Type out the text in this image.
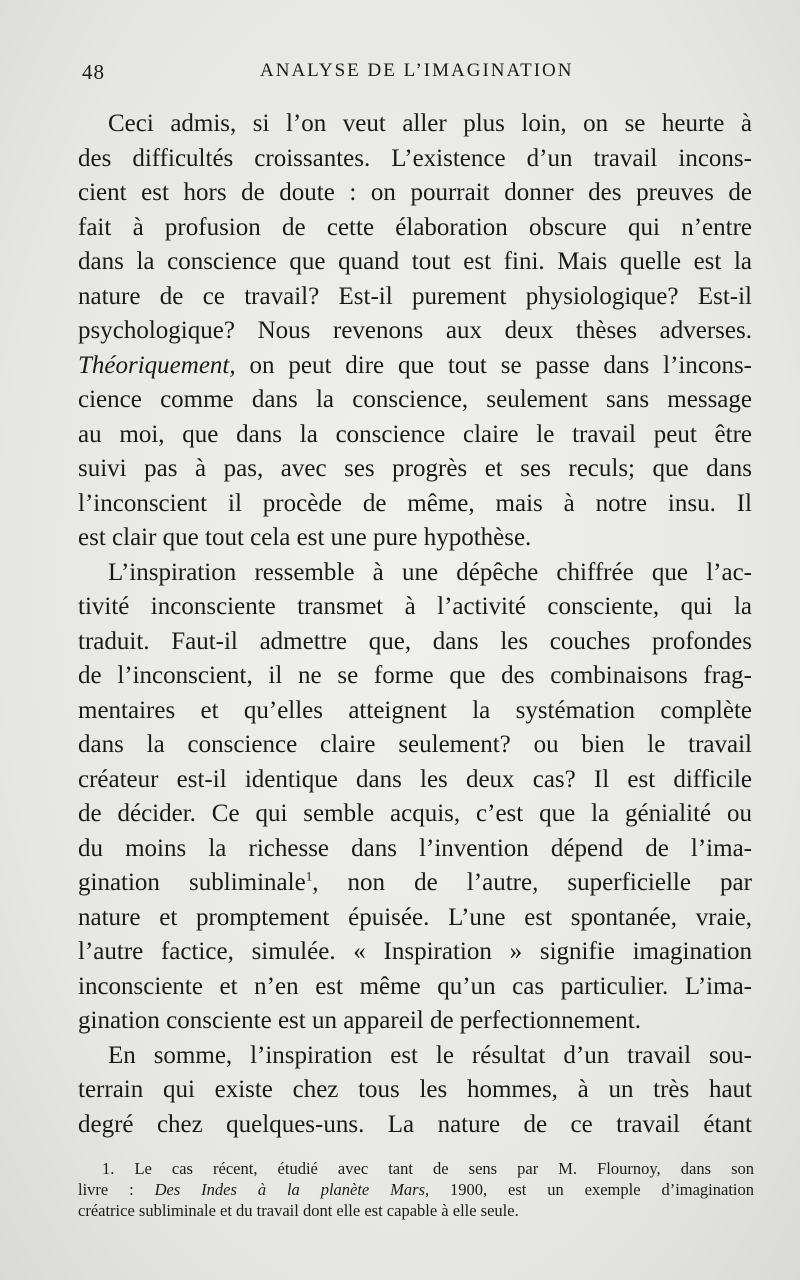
48	ANALYSE DE L’IMAGINATION
Ceci admis, si l’on veut aller plus loin, on se heurte à
des difficultés croissantes. L’existence d’un travail incons-
cient est hors de doute : on pourrait donner des preuves de
fait à profusion de cette élaboration obscure qui n’entre
dans la conscience que quand tout est fini. Mais quelle est la
nature de ce travail? Est-il purement physiologique? Est-il
psychologique? Nous revenons aux deux thèses adverses.
Théoriquement, on peut dire que tout se passe dans l’incons-
cience comme dans la conscience, seulement sans message
au moi, que dans la conscience claire le travail peut être
suivi pas à pas, avec ses progrès et ses reculs; que dans
l’inconscient il procède de même, mais à notre insu. Il
est clair que tout cela est une pure hypothèse.
L’inspiration ressemble à une dépêche chiffrée que l’ac-
tivité inconsciente transmet à l’activité consciente, qui la
traduit. Faut-il admettre que, dans les couches profondes
de l’inconscient, il ne se forme que des combinaisons frag-
mentaires et qu’elles atteignent la systémation complète
dans la conscience claire seulement? ou bien le travail
créateur est-il identique dans les deux cas? Il est difficile
de décider. Ce qui semble acquis, c’est que la génialité ou
du moins la richesse dans l’invention dépend de l’ima-
gination subliminale$^1$, non de l’autre, superficielle par
nature et promptement épuisée. L’une est spontanée, vraie,
l’autre factice, simulée. « Inspiration » signifie imagination
inconsciente et n’en est même qu’un cas particulier. L’ima-
gination consciente est un appareil de perfectionnement.
En somme, l’inspiration est le résultat d’un travail sou-
terrain qui existe chez tous les hommes, à un très haut
degré chez quelques-uns. La nature de ce travail étant
1. Le cas récent, étudié avec tant de sens par M. Flournoy, dans son
livre : Des Indes à la planète Mars, 1900, est un exemple d’imagination
créatrice subliminale et du travail dont elle est capable à elle seule.
